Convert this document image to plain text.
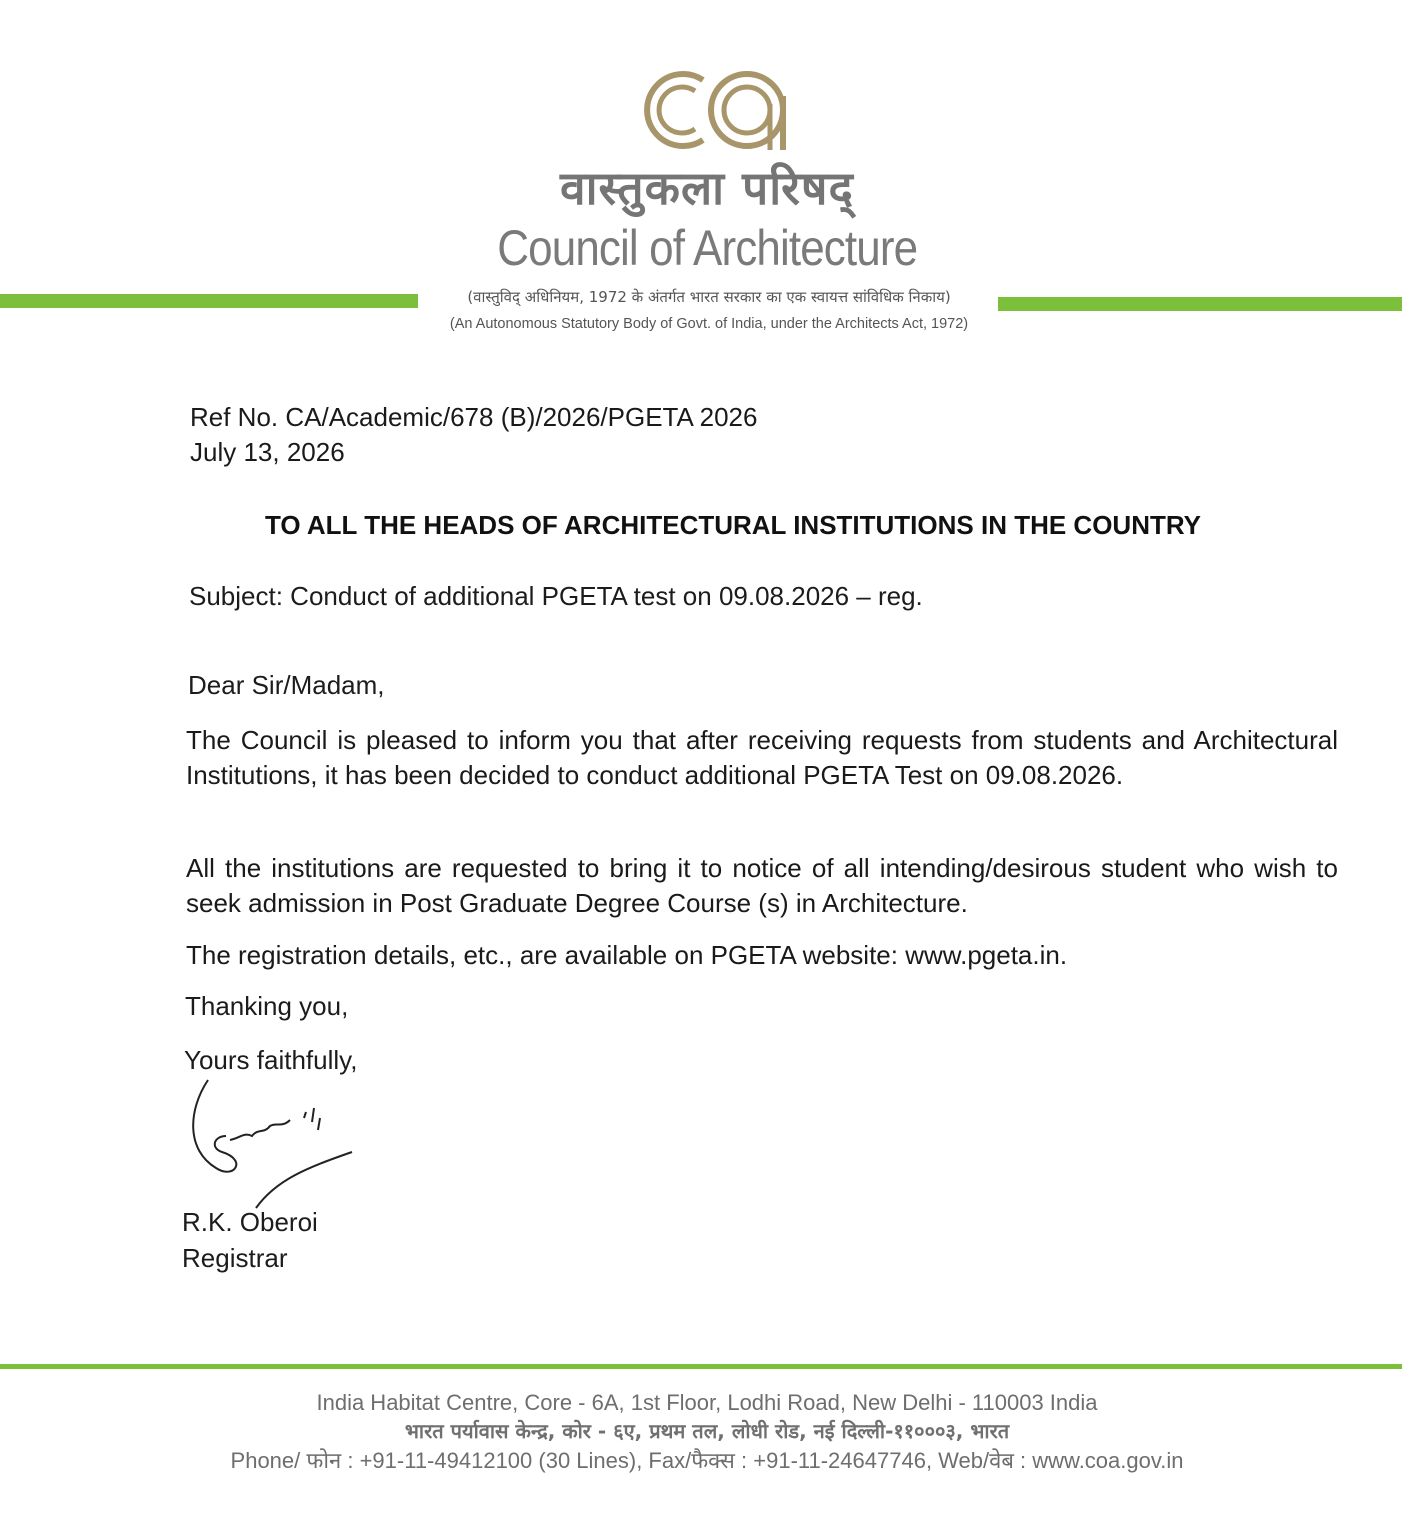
वास्तुकला परिषद्
Council of Architecture
(वास्तुविद् अधिनियम, 1972 के अंतर्गत भारत सरकार का एक स्वायत्त सांविधिक निकाय)
(An Autonomous Statutory Body of Govt. of India, under the Architects Act, 1972)
Ref No. CA/Academic/678 (B)/2026/PGETA 2026
July 13, 2026
TO ALL THE HEADS OF ARCHITECTURAL INSTITUTIONS IN THE COUNTRY
Subject: Conduct of additional PGETA test on 09.08.2026 – reg.
Dear Sir/Madam,
The Council is pleased to inform you that after receiving requests from students and Architectural Institutions, it has been decided to conduct additional PGETA Test on 09.08.2026.
All the institutions are requested to bring it to notice of all intending/desirous student who wish to seek admission in Post Graduate Degree Course (s) in Architecture.
The registration details, etc., are available on PGETA website: www.pgeta.in.
Thanking you,
Yours faithfully,
R.K. Oberoi
Registrar
India Habitat Centre, Core - 6A, 1st Floor, Lodhi Road, New Delhi - 110003 India
भारत पर्यावास केन्द्र, कोर - ६ए, प्रथम तल, लोधी रोड, नई दिल्ली-११०००३, भारत
Phone/ फोन : +91-11-49412100 (30 Lines), Fax/फैक्स : +91-11-24647746, Web/वेब : www.coa.gov.in
